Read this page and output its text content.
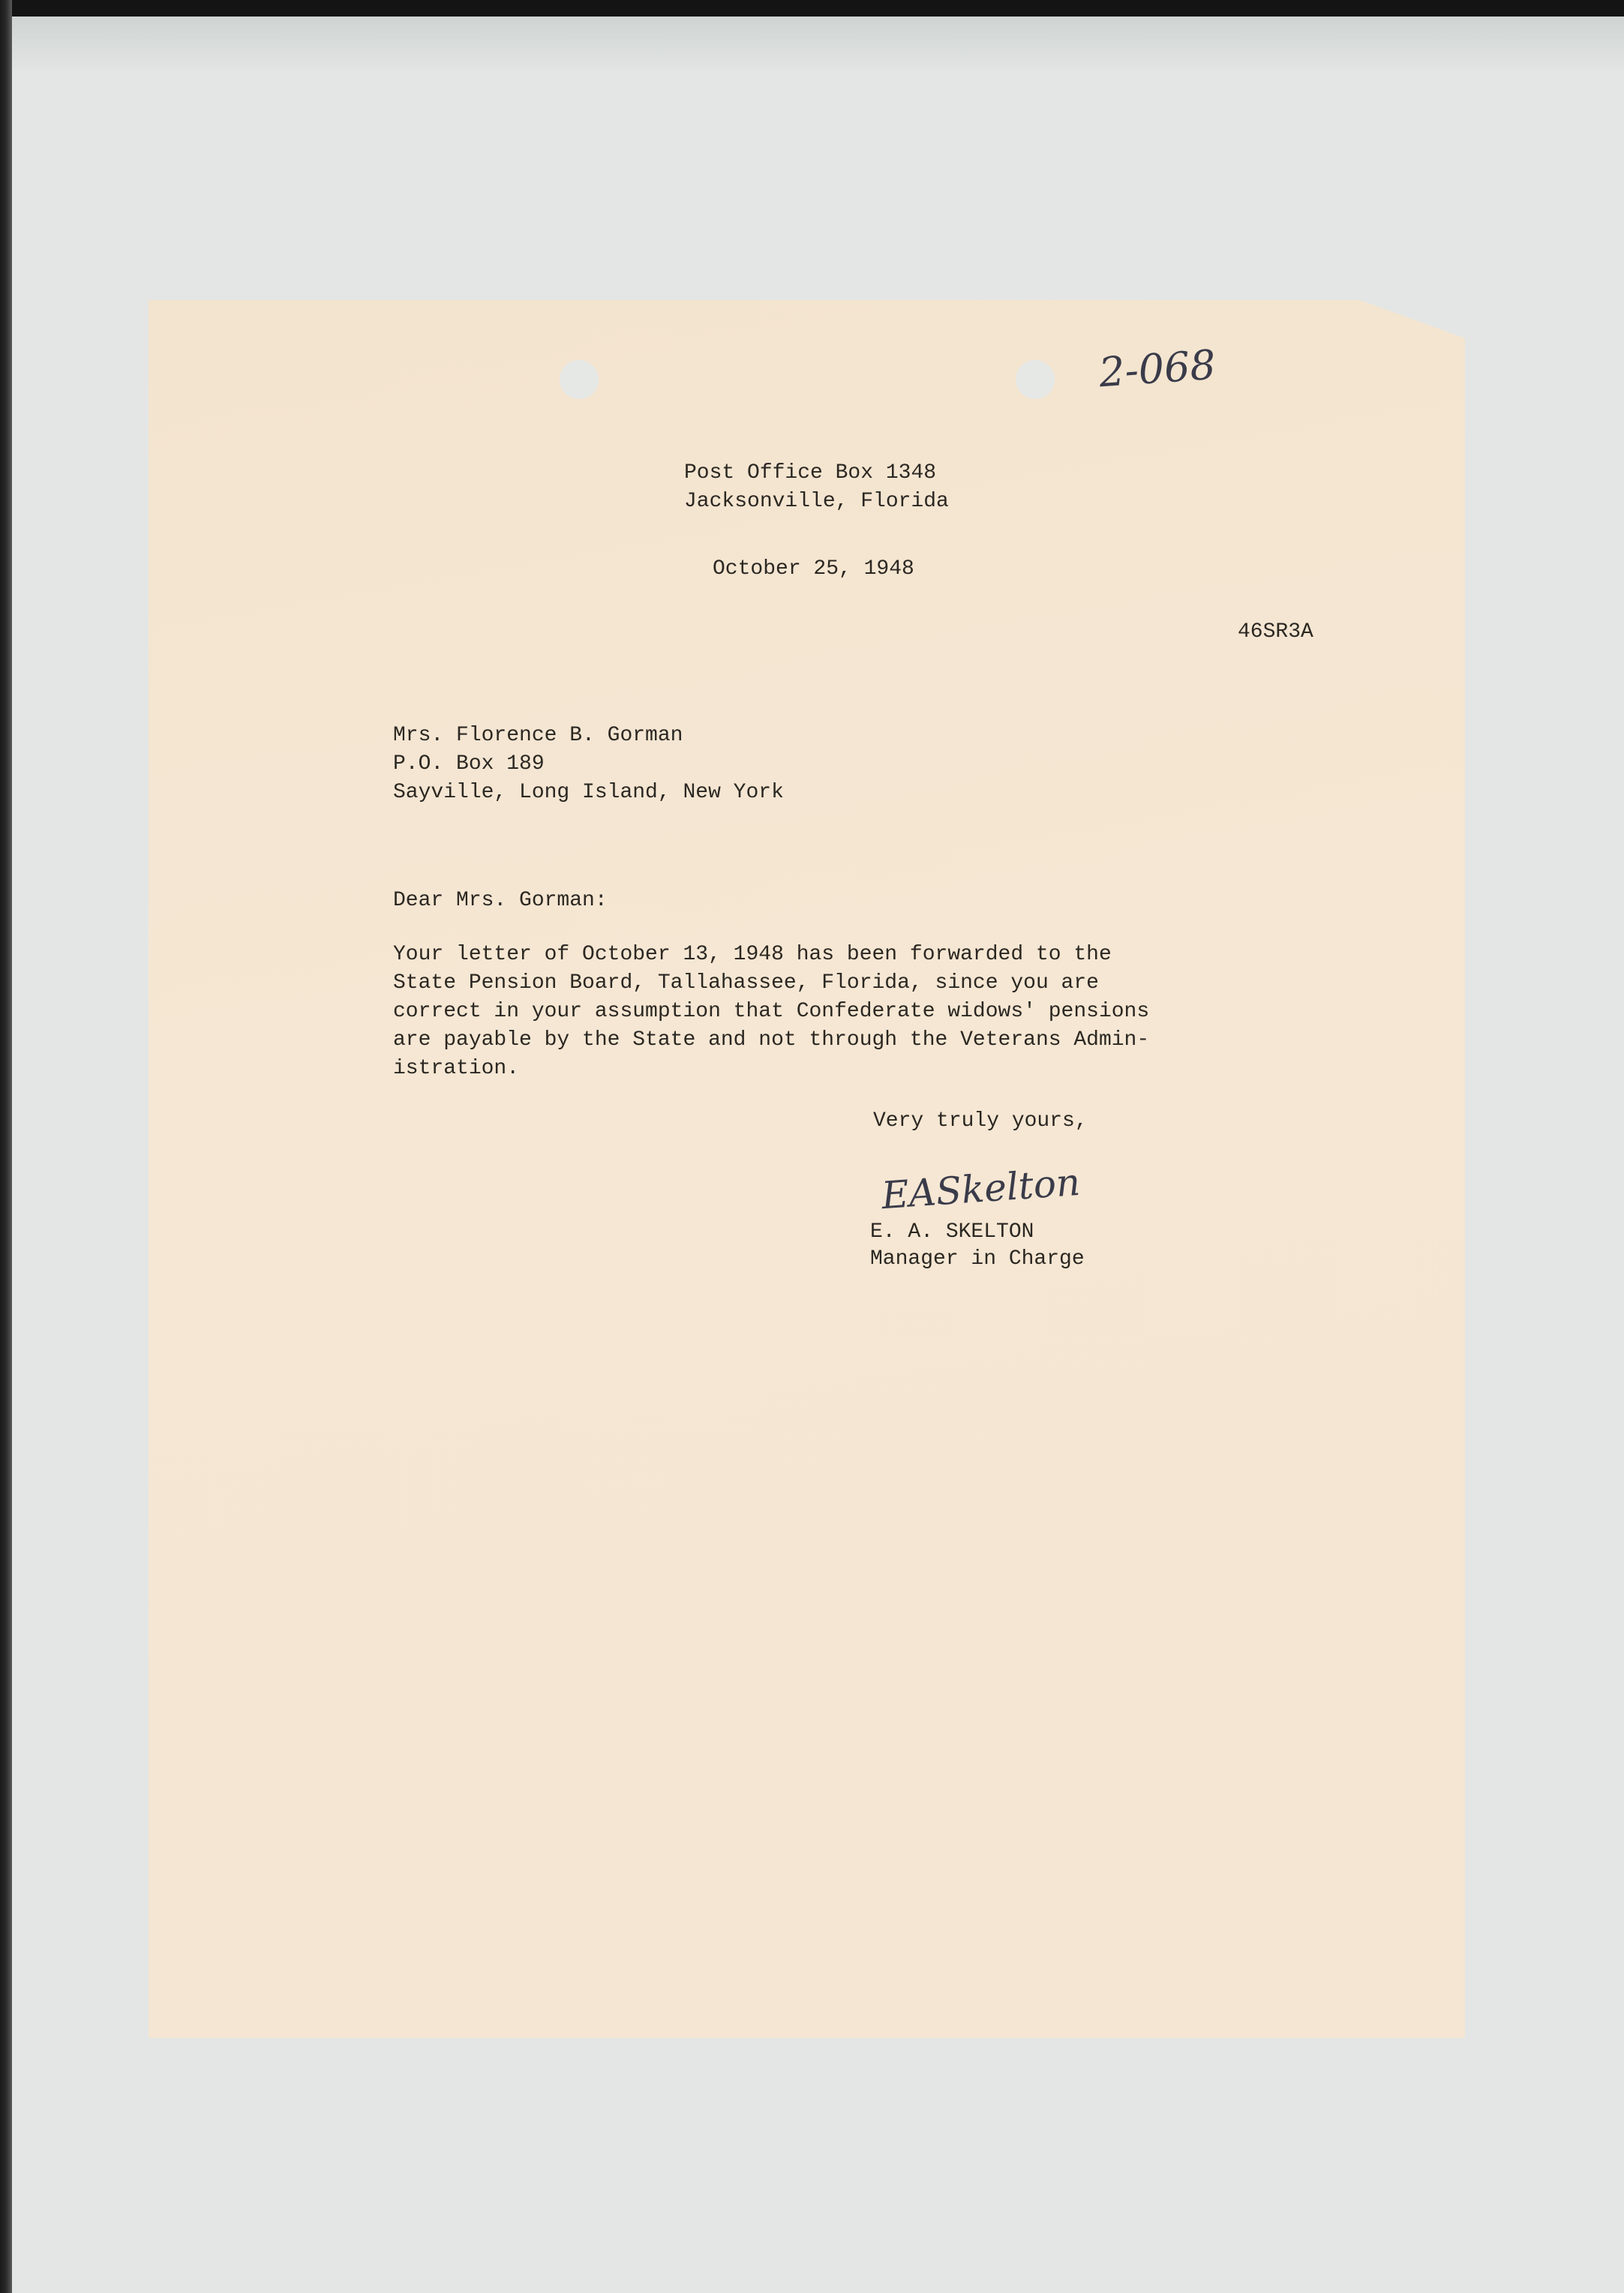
2-068

Post Office Box 1348

Jacksonville, Florida

October 25, 1948

46SR3A

Mrs. Florence B. Gorman

P.O. Box 189

Sayville, Long Island, New York

Dear Mrs. Gorman:

Your letter of October 13, 1948 has been forwarded to the

State Pension Board, Tallahassee, Florida, since you are

correct in your assumption that Confederate widows' pensions

are payable by the State and not through the Veterans Admin-

istration.

Very truly yours,

EASkelton

E. A. SKELTON

Manager in Charge
